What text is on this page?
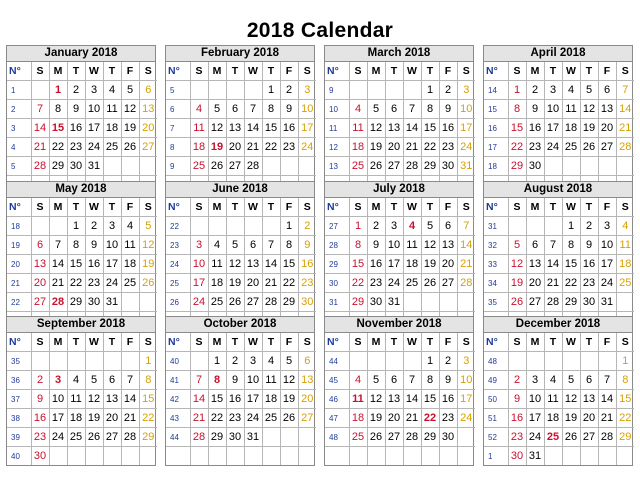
2018 Calendar
January 2018
N°	S	M	T	W	T	F	S
1		1	2	3	4	5	6
2	7	8	9	10	11	12	13
3	14	15	16	17	18	19	20
4	21	22	23	24	25	26	27
5	28	29	30	31			

February 2018
N°	S	M	T	W	T	F	S
5					1	2	3
6	4	5	6	7	8	9	10
7	11	12	13	14	15	16	17
8	18	19	20	21	22	23	24
9	25	26	27	28			

March 2018
N°	S	M	T	W	T	F	S
9					1	2	3
10	4	5	6	7	8	9	10
11	11	12	13	14	15	16	17
12	18	19	20	21	22	23	24
13	25	26	27	28	29	30	31

April 2018
N°	S	M	T	W	T	F	S
14	1	2	3	4	5	6	7
15	8	9	10	11	12	13	14
16	15	16	17	18	19	20	21
17	22	23	24	25	26	27	28
18	29	30					

May 2018
N°	S	M	T	W	T	F	S
18			1	2	3	4	5
19	6	7	8	9	10	11	12
20	13	14	15	16	17	18	19
21	20	21	22	23	24	25	26
22	27	28	29	30	31		

June 2018
N°	S	M	T	W	T	F	S
22						1	2
23	3	4	5	6	7	8	9
24	10	11	12	13	14	15	16
25	17	18	19	20	21	22	23
26	24	25	26	27	28	29	30

July 2018
N°	S	M	T	W	T	F	S
27	1	2	3	4	5	6	7
28	8	9	10	11	12	13	14
29	15	16	17	18	19	20	21
30	22	23	24	25	26	27	28
31	29	30	31				

August 2018
N°	S	M	T	W	T	F	S
31				1	2	3	4
32	5	6	7	8	9	10	11
33	12	13	14	15	16	17	18
34	19	20	21	22	23	24	25
35	26	27	28	29	30	31	

September 2018
N°	S	M	T	W	T	F	S
35							1
36	2	3	4	5	6	7	8
37	9	10	11	12	13	14	15
38	16	17	18	19	20	21	22
39	23	24	25	26	27	28	29
40	30						
October 2018
N°	S	M	T	W	T	F	S
40		1	2	3	4	5	6
41	7	8	9	10	11	12	13
42	14	15	16	17	18	19	20
43	21	22	23	24	25	26	27
44	28	29	30	31			

November 2018
N°	S	M	T	W	T	F	S
44					1	2	3
45	4	5	6	7	8	9	10
46	11	12	13	14	15	16	17
47	18	19	20	21	22	23	24
48	25	26	27	28	29	30	

December 2018
N°	S	M	T	W	T	F	S
48							1
49	2	3	4	5	6	7	8
50	9	10	11	12	13	14	15
51	16	17	18	19	20	21	22
52	23	24	25	26	27	28	29
1	30	31					
